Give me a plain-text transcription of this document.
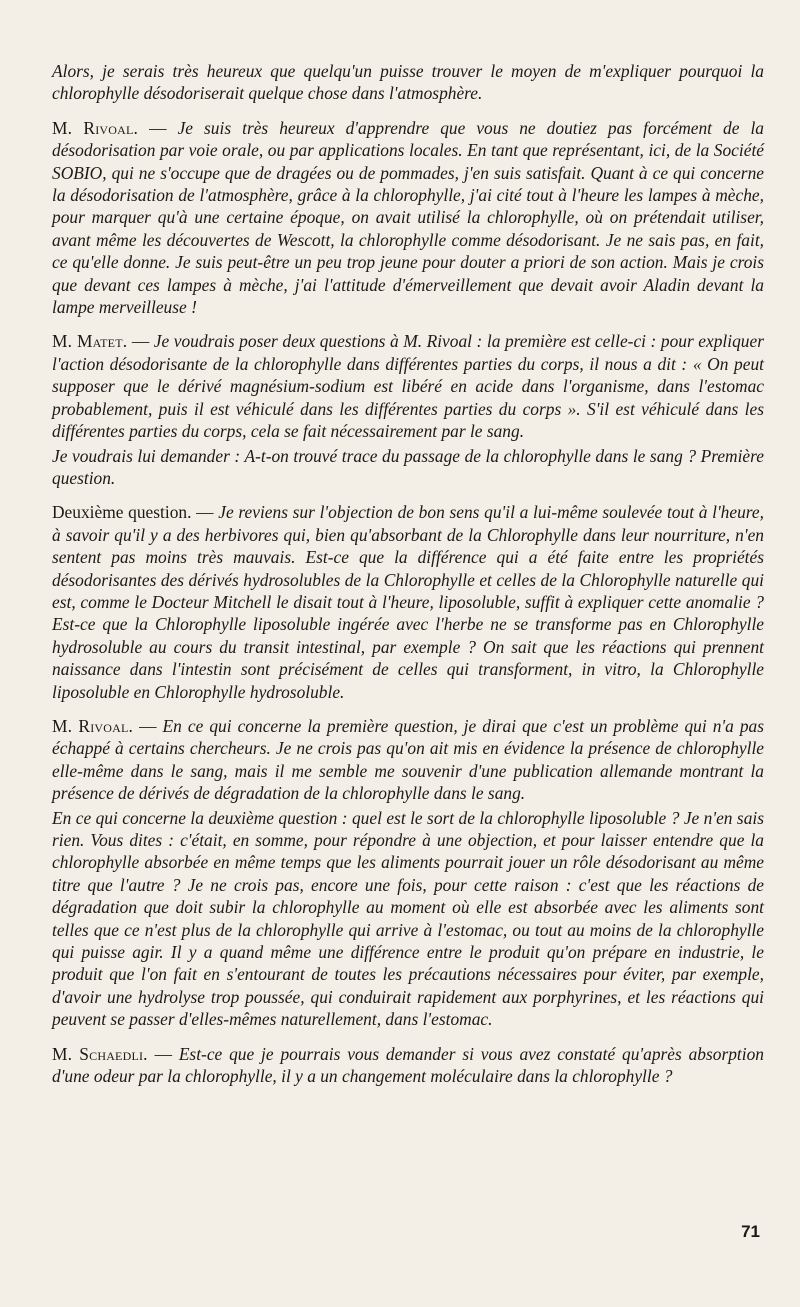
Alors, je serais très heureux que quelqu'un puisse trouver le moyen de m'expliquer pourquoi la chlorophylle désodoriserait quelque chose dans l'atmosphère.

M. Rivoal. — Je suis très heureux d'apprendre que vous ne doutiez pas forcément de la désodorisation par voie orale, ou par applications locales. En tant que représentant, ici, de la Société SOBIO, qui ne s'occupe que de dragées ou de pommades, j'en suis satisfait. Quant à ce qui concerne la désodorisation de l'atmosphère, grâce à la chlorophylle, j'ai cité tout à l'heure les lampes à mèche, pour marquer qu'à une certaine époque, on avait utilisé la chlorophylle, où on prétendait utiliser, avant même les découvertes de Wescott, la chlorophylle comme désodorisant. Je ne sais pas, en fait, ce qu'elle donne. Je suis peut-être un peu trop jeune pour douter a priori de son action. Mais je crois que devant ces lampes à mèche, j'ai l'attitude d'émerveillement que devait avoir Aladin devant la lampe merveilleuse !

M. Matet. — Je voudrais poser deux questions à M. Rivoal : la première est celle-ci : pour expliquer l'action désodorisante de la chlorophylle dans différentes parties du corps, il nous a dit : « On peut supposer que le dérivé magnésium-sodium est libéré en acide dans l'organisme, dans l'estomac probablement, puis il est véhiculé dans les différentes parties du corps ». S'il est véhiculé dans les différentes parties du corps, cela se fait nécessairement par le sang.

Je voudrais lui demander : A-t-on trouvé trace du passage de la chlorophylle dans le sang ? Première question.

Deuxième question. — Je reviens sur l'objection de bon sens qu'il a lui-même soulevée tout à l'heure, à savoir qu'il y a des herbivores qui, bien qu'absorbant de la Chlorophylle dans leur nourriture, n'en sentent pas moins très mauvais. Est-ce que la différence qui a été faite entre les propriétés désodorisantes des dérivés hydrosolubles de la Chlorophylle et celles de la Chlorophylle naturelle qui est, comme le Docteur Mitchell le disait tout à l'heure, liposoluble, suffit à expliquer cette anomalie ? Est-ce que la Chlorophylle liposoluble ingérée avec l'herbe ne se transforme pas en Chlorophylle hydrosoluble au cours du transit intestinal, par exemple ? On sait que les réactions qui prennent naissance dans l'intestin sont précisément de celles qui transforment, in vitro, la Chlorophylle liposoluble en Chlorophylle hydrosoluble.

M. Rivoal. — En ce qui concerne la première question, je dirai que c'est un problème qui n'a pas échappé à certains chercheurs. Je ne crois pas qu'on ait mis en évidence la présence de chlorophylle elle-même dans le sang, mais il me semble me souvenir d'une publication allemande montrant la présence de dérivés de dégradation de la chlorophylle dans le sang.

En ce qui concerne la deuxième question : quel est le sort de la chlorophylle liposoluble ? Je n'en sais rien. Vous dites : c'était, en somme, pour répondre à une objection, et pour laisser entendre que la chlorophylle absorbée en même temps que les aliments pourrait jouer un rôle désodorisant au même titre que l'autre ? Je ne crois pas, encore une fois, pour cette raison : c'est que les réactions de dégradation que doit subir la chlorophylle au moment où elle est absorbée avec les aliments sont telles que ce n'est plus de la chlorophylle qui arrive à l'estomac, ou tout au moins de la chlorophylle qui puisse agir. Il y a quand même une différence entre le produit qu'on prépare en industrie, le produit que l'on fait en s'entourant de toutes les précautions nécessaires pour éviter, par exemple, d'avoir une hydrolyse trop poussée, qui conduirait rapidement aux porphyrines, et les réactions qui peuvent se passer d'elles-mêmes naturellement, dans l'estomac.

M. Schaedli. — Est-ce que je pourrais vous demander si vous avez constaté qu'après absorption d'une odeur par la chlorophylle, il y a un changement moléculaire dans la chlorophylle ?

71
